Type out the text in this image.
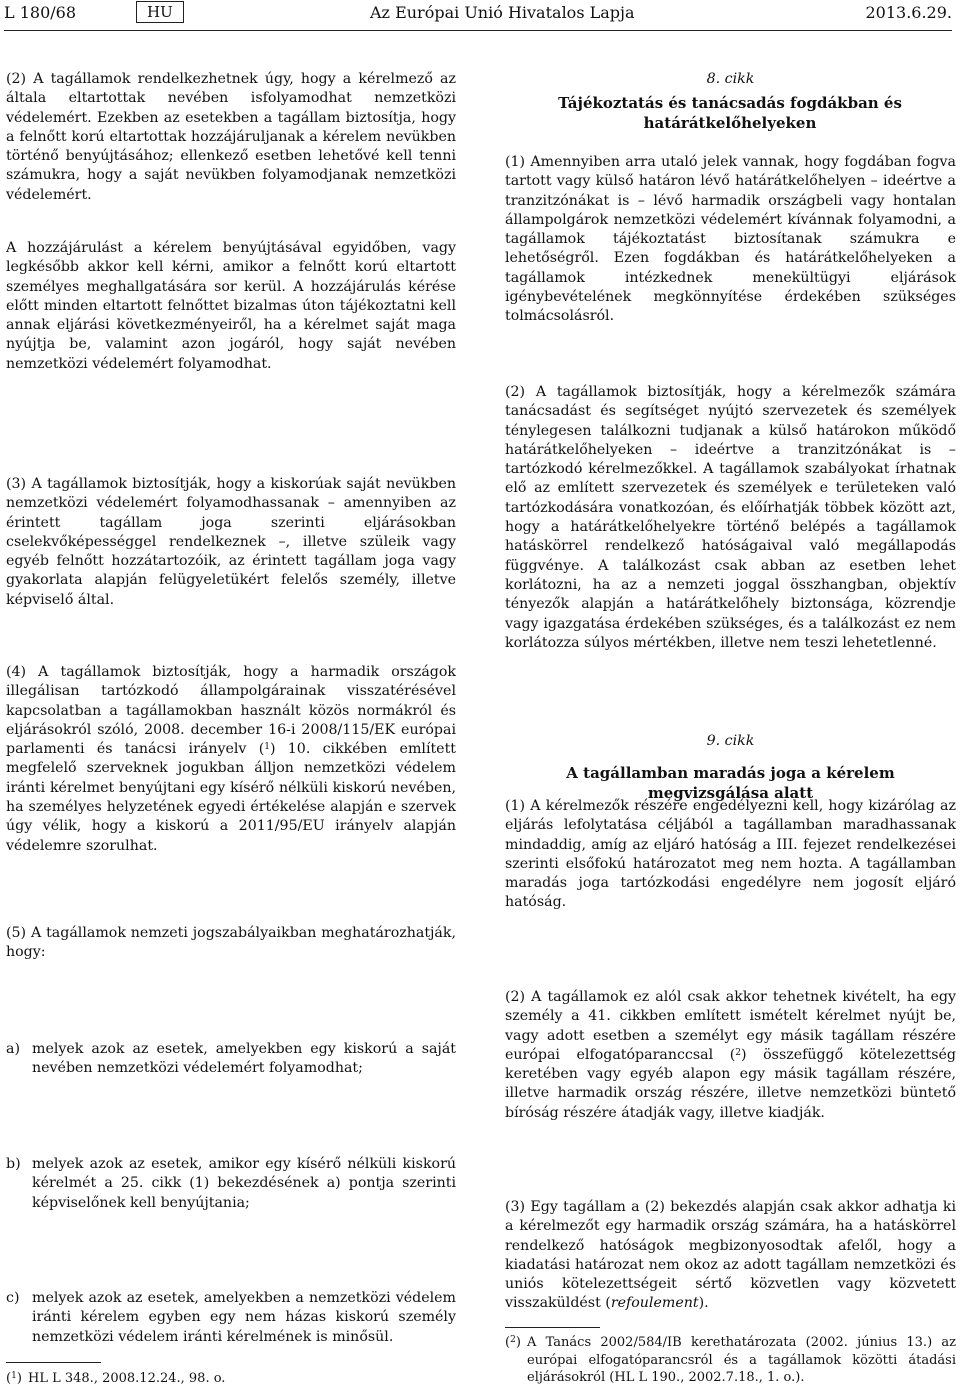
L 180/68	HU	Az Európai Unió Hivatalos Lapja	2013.6.29.

(2) A tagállamok rendelkezhetnek úgy, hogy a kérelmező az általa eltartottak nevében isfolyamodhat nemzetközi védelemért. Ezekben az esetekben a tagállam biztosítja, hogy a felnőtt korú eltartottak hozzájáruljanak a kérelem nevükben történő benyújtásához; ellenkező esetben lehetővé kell tenni számukra, hogy a saját nevükben folyamodjanak nemzetközi védelemért.

A hozzájárulást a kérelem benyújtásával egyidőben, vagy legkésőbb akkor kell kérni, amikor a felnőtt korú eltartott személyes meghallgatására sor kerül. A hozzájárulás kérése előtt minden eltartott felnőttet bizalmas úton tájékoztatni kell annak eljárási következményeiről, ha a kérelmet saját maga nyújtja be, valamint azon jogáról, hogy saját nevében nemzetközi védelemért folyamodhat.

(3) A tagállamok biztosítják, hogy a kiskorúak saját nevükben nemzetközi védelemért folyamodhassanak – amennyiben az érintett tagállam joga szerinti eljárásokban cselekvőképességgel rendelkeznek –, illetve szüleik vagy egyéb felnőtt hozzátartozóik, az érintett tagállam joga vagy gyakorlata alapján felügyeletükért felelős személy, illetve képviselő által.

(4) A tagállamok biztosítják, hogy a harmadik országok illegálisan tartózkodó állampolgárainak visszatérésével kapcsolatban a tagállamokban használt közös normákról és eljárásokról szóló, 2008. december 16-i 2008/115/EK európai parlamenti és tanácsi irányelv ($^1$) 10. cikkében említett megfelelő szerveknek jogukban álljon nemzetközi védelem iránti kérelmet benyújtani egy kísérő nélküli kiskorú nevében, ha személyes helyzetének egyedi értékelése alapján e szervek úgy vélik, hogy a kiskorú a 2011/95/EU irányelv alapján védelemre szorulhat.

(5) A tagállamok nemzeti jogszabályaikban meghatározhatják, hogy:

a) melyek azok az esetek, amelyekben egy kiskorú a saját nevében nemzetközi védelemért folyamodhat;
b) melyek azok az esetek, amikor egy kísérő nélküli kiskorú kérelmét a 25. cikk (1) bekezdésének a) pontja szerinti képviselőnek kell benyújtania;
c) melyek azok az esetek, amelyekben a nemzetközi védelem iránti kérelem egyben egy nem házas kiskorú személy nemzetközi védelem iránti kérelmének is minősül.
($^1$) HL L 348., 2008.12.24., 98. o.

8. cikk

Tájékoztatás és tanácsadás fogdákban és határátkelőhelyeken

(1) Amennyiben arra utaló jelek vannak, hogy fogdában fogva tartott vagy külső határon lévő határátkelőhelyen – ideértve a tranzitzónákat is – lévő harmadik országbeli vagy hontalan állampolgárok nemzetközi védelemért kívánnak folyamodni, a tagállamok tájékoztatást biztosítanak számukra e lehetőségről. Ezen fogdákban és határátkelőhelyeken a tagállamok intézkednek menekültügyi eljárások igénybevételének megkönnyítése érdekében szükséges tolmácsolásról.

(2) A tagállamok biztosítják, hogy a kérelmezők számára tanácsadást és segítséget nyújtó szervezetek és személyek ténylegesen találkozni tudjanak a külső határokon működő határátkelőhelyeken – ideértve a tranzitzónákat is – tartózkodó kérelmezőkkel. A tagállamok szabályokat írhatnak elő az említett szervezetek és személyek e területeken való tartózkodására vonatkozóan, és előírhatják többek között azt, hogy a határátkelőhelyekre történő belépés a tagállamok hatáskörrel rendelkező hatóságaival való megállapodás függvénye. A találkozást csak abban az esetben lehet korlátozni, ha az a nemzeti joggal összhangban, objektív tényezők alapján a határátkelőhely biztonsága, közrendje vagy igazgatása érdekében szükséges, és a találkozást ez nem korlátozza súlyos mértékben, illetve nem teszi lehetetlenné.

9. cikk

A tagállamban maradás joga a kérelem megvizsgálása alatt

(1) A kérelmezők részére engedélyezni kell, hogy kizárólag az eljárás lefolytatása céljából a tagállamban maradhassanak mindaddig, amíg az eljáró hatóság a III. fejezet rendelkezései szerinti elsőfokú határozatot meg nem hozta. A tagállamban maradás joga tartózkodási engedélyre nem jogosít eljáró hatóság.

(2) A tagállamok ez alól csak akkor tehetnek kivételt, ha egy személy a 41. cikkben említett ismételt kérelmet nyújt be, vagy adott esetben a személyt egy másik tagállam részére európai elfogatóparanccsal ($^2$) összefüggő kötelezettség keretében vagy egyéb alapon egy másik tagállam részére, illetve harmadik ország részére, illetve nemzetközi büntető bíróság részére átadják vagy, illetve kiadják.

(3) Egy tagállam a (2) bekezdés alapján csak akkor adhatja ki a kérelmezőt egy harmadik ország számára, ha a hatáskörrel rendelkező hatóságok megbizonyosodtak afelől, hogy a kiadatási határozat nem okoz az adott tagállam nemzetközi és uniós kötelezettségeit sértő közvetlen vagy közvetett visszaküldést (refoulement).

($^2$) A Tanács 2002/584/IB kerethatározata (2002. június 13.) az európai elfogatóparancsról és a tagállamok közötti átadási eljárásokról (HL L 190., 2002.7.18., 1. o.).
